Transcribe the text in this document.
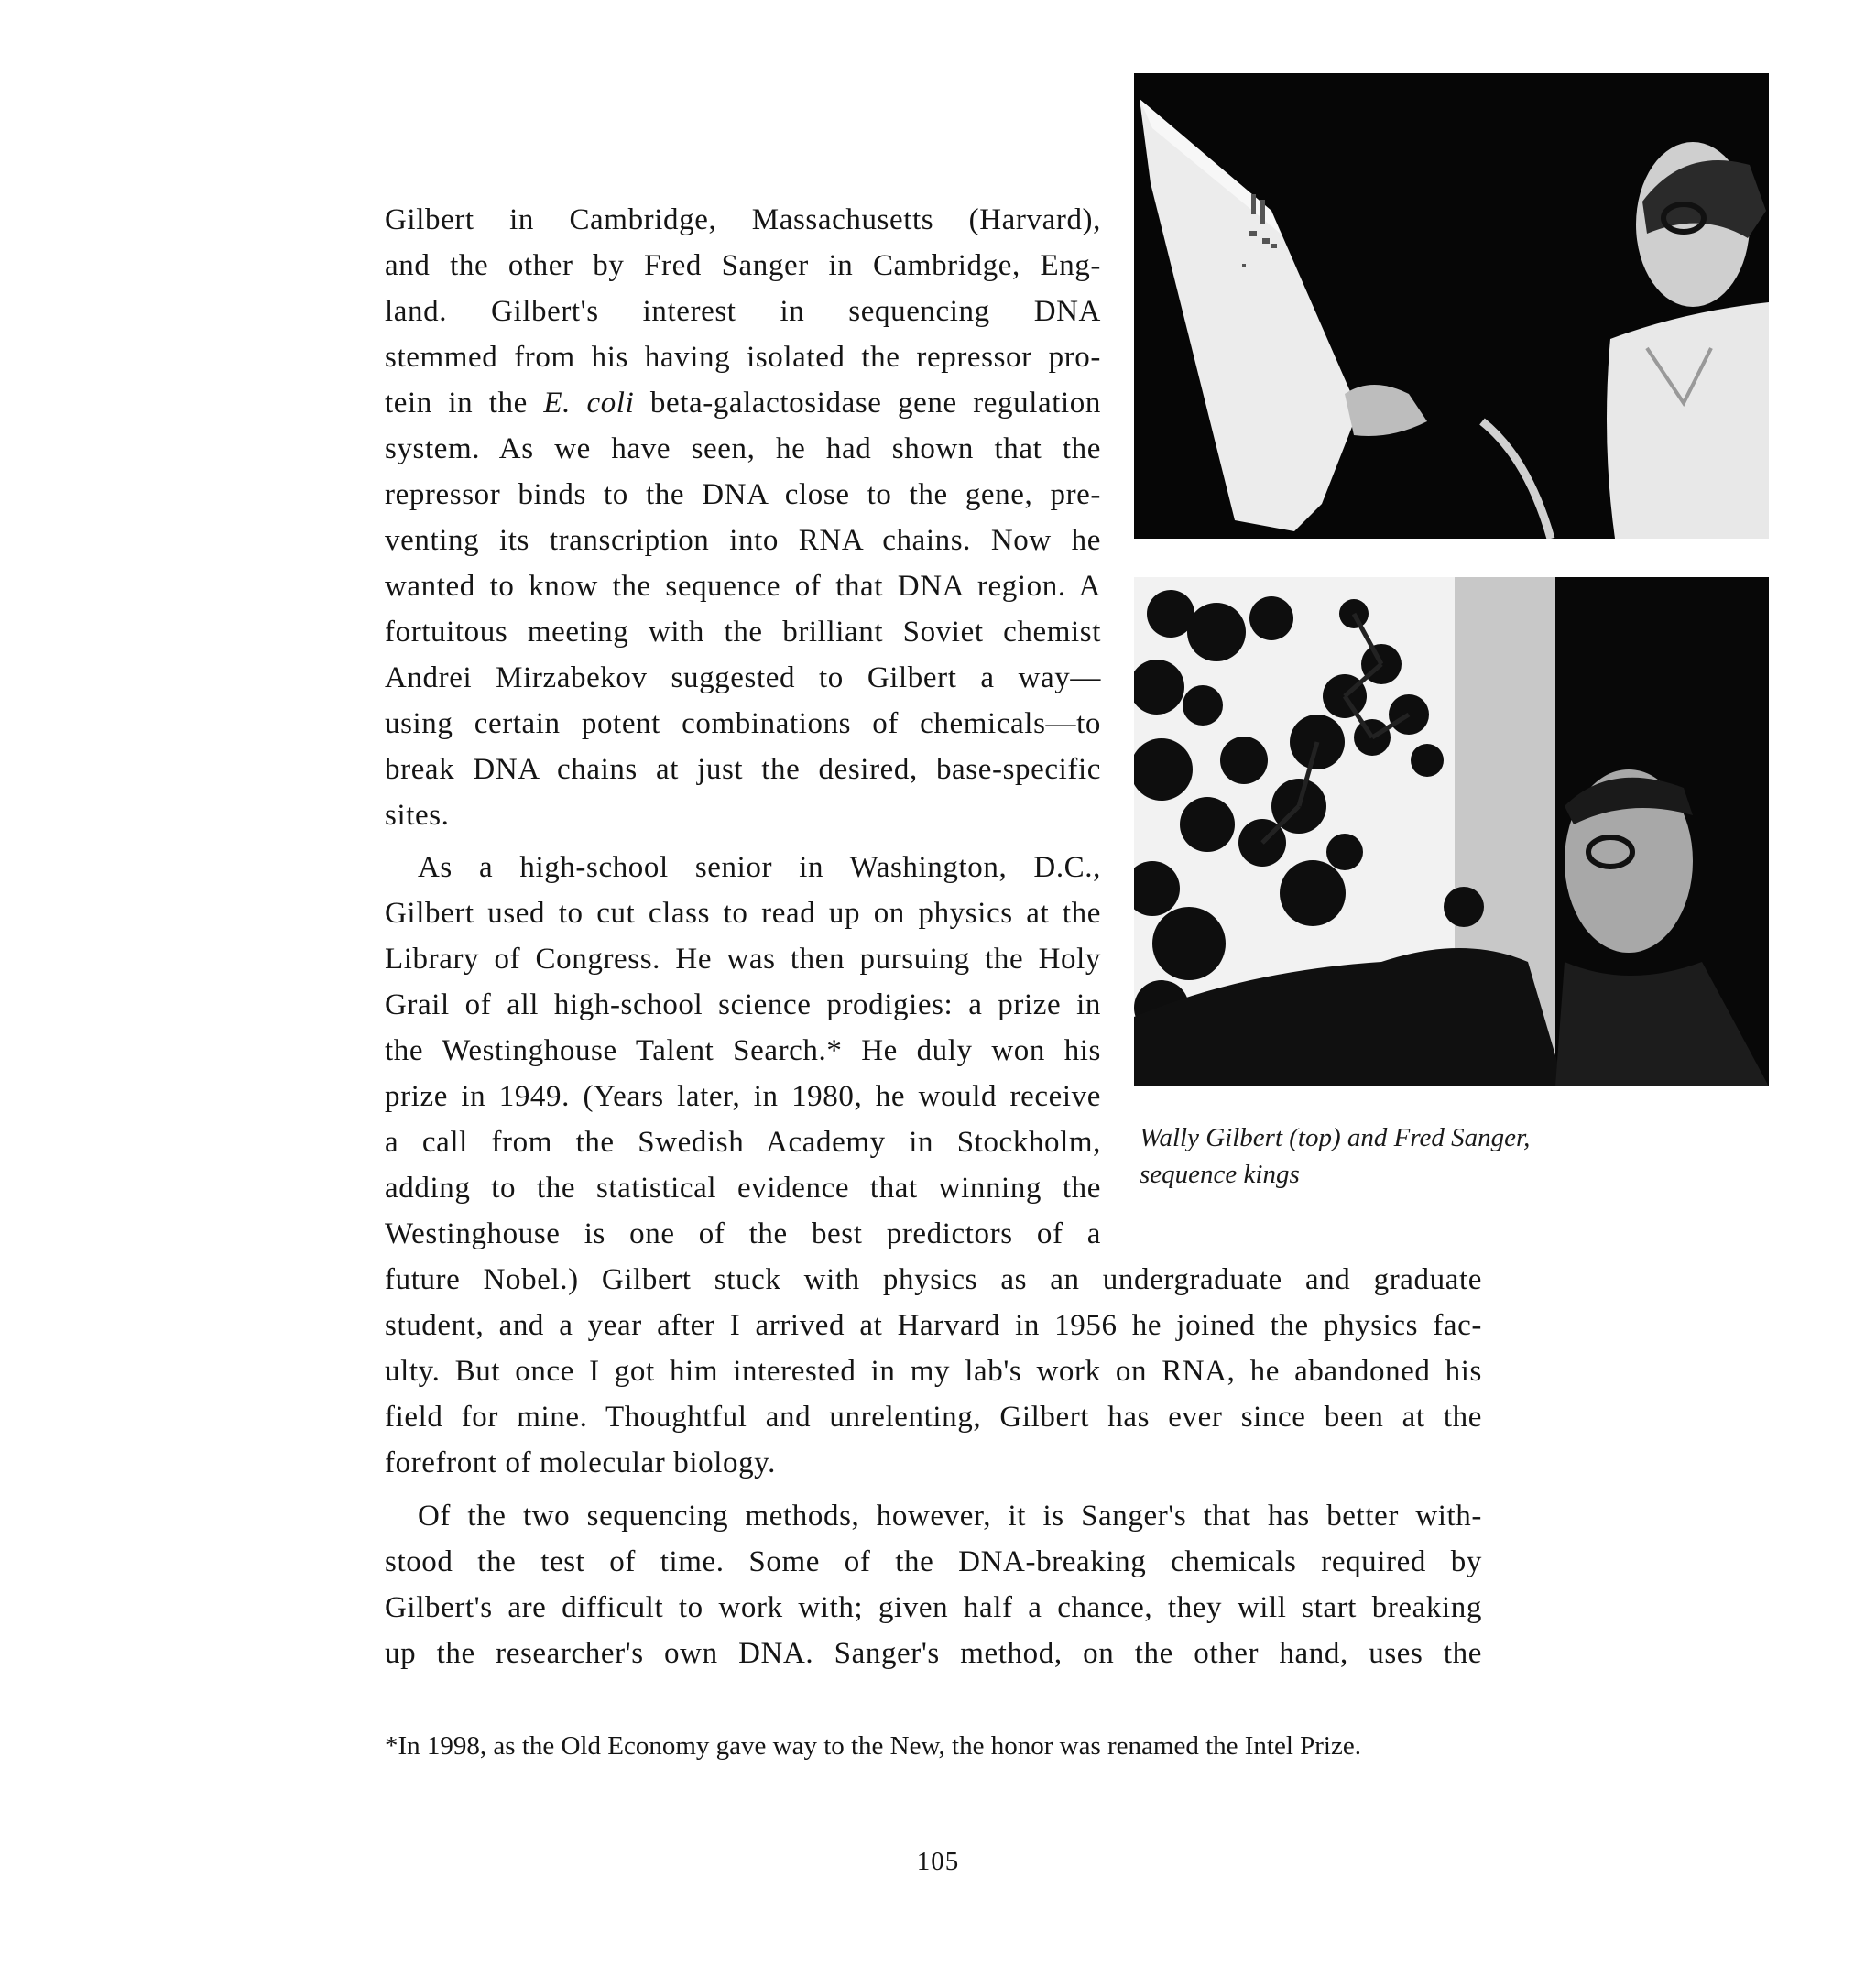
Wally Gilbert (top) and Fred Sanger,
sequence kings
Gilbert in Cambridge, Massachusetts (Harvard),
and the other by Fred Sanger in Cambridge, Eng-
land. Gilbert's interest in sequencing DNA
stemmed from his having isolated the repressor pro-
tein in the E. coli beta-galactosidase gene regulation
system. As we have seen, he had shown that the
repressor binds to the DNA close to the gene, pre-
venting its transcription into RNA chains. Now he
wanted to know the sequence of that DNA region. A
fortuitous meeting with the brilliant Soviet chemist
Andrei Mirzabekov suggested to Gilbert a way—
using certain potent combinations of chemicals—to
break DNA chains at just the desired, base-specific
sites.
As a high-school senior in Washington, D.C.,
Gilbert used to cut class to read up on physics at the
Library of Congress. He was then pursuing the Holy
Grail of all high-school science prodigies: a prize in
the Westinghouse Talent Search.* He duly won his
prize in 1949. (Years later, in 1980, he would receive
a call from the Swedish Academy in Stockholm,
adding to the statistical evidence that winning the
Westinghouse is one of the best predictors of a
future Nobel.) Gilbert stuck with physics as an undergraduate and graduate
student, and a year after I arrived at Harvard in 1956 he joined the physics fac-
ulty. But once I got him interested in my lab's work on RNA, he abandoned his
field for mine. Thoughtful and unrelenting, Gilbert has ever since been at the
forefront of molecular biology.
Of the two sequencing methods, however, it is Sanger's that has better with-
stood the test of time. Some of the DNA-breaking chemicals required by
Gilbert's are difficult to work with; given half a chance, they will start breaking
up the researcher's own DNA. Sanger's method, on the other hand, uses the
*In 1998, as the Old Economy gave way to the New, the honor was renamed the Intel Prize.
105
